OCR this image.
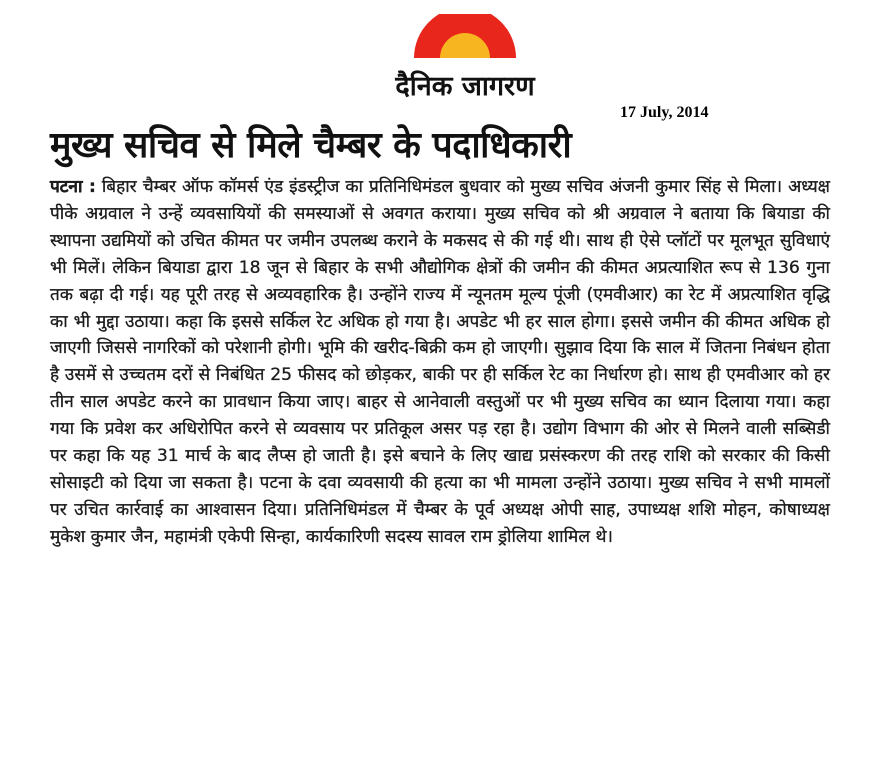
दैनिक जागरण
17 July, 2014
मुख्य सचिव से मिले चैम्बर के पदाधिकारी
पटना : बिहार चैम्बर ऑफ कॉमर्स एंड इंडस्ट्रीज का प्रतिनिधिमंडल बुधवार को मुख्य सचिव अंजनी कुमार सिंह से मिला। अध्यक्ष पीके अग्रवाल ने उन्हें व्यवसायियों की समस्याओं से अवगत कराया। मुख्य सचिव को श्री अग्रवाल ने बताया कि बियाडा की स्थापना उद्यमियों को उचित कीमत पर जमीन उपलब्ध कराने के मकसद से की गई थी। साथ ही ऐसे प्लॉटों पर मूलभूत सुविधाएं भी मिलें। लेकिन बियाडा द्वारा 18 जून से बिहार के सभी औद्योगिक क्षेत्रों की जमीन की कीमत अप्रत्याशित रूप से 136 गुना तक बढ़ा दी गई। यह पूरी तरह से अव्यवहारिक है। उन्होंने राज्य में न्यूनतम मूल्य पूंजी (एमवीआर) का रेट में अप्रत्याशित वृद्धि का भी मुद्दा उठाया। कहा कि इससे सर्किल रेट अधिक हो गया है। अपडेट भी हर साल होगा। इससे जमीन की कीमत अधिक हो जाएगी जिससे नागरिकों को परेशानी होगी। भूमि की खरीद-बिक्री कम हो जाएगी। सुझाव दिया कि साल में जितना निबंधन होता है उसमें से उच्चतम दरों से निबंधित 25 फीसद को छोड़कर, बाकी पर ही सर्किल रेट का निर्धारण हो। साथ ही एमवीआर को हर तीन साल अपडेट करने का प्रावधान किया जाए। बाहर से आनेवाली वस्तुओं पर भी मुख्य सचिव का ध्यान दिलाया गया। कहा गया कि प्रवेश कर अधिरोपित करने से व्यवसाय पर प्रतिकूल असर पड़ रहा है। उद्योग विभाग की ओर से मिलने वाली सब्सिडी पर कहा कि यह 31 मार्च के बाद लैप्स हो जाती है। इसे बचाने के लिए खाद्य प्रसंस्करण की तरह राशि को सरकार की किसी सोसाइटी को दिया जा सकता है। पटना के दवा व्यवसायी की हत्या का भी मामला उन्होंने उठाया। मुख्य सचिव ने सभी मामलों पर उचित कार्रवाई का आश्वासन दिया। प्रतिनिधिमंडल में चैम्बर के पूर्व अध्यक्ष ओपी साह, उपाध्यक्ष शशि मोहन, कोषाध्यक्ष मुकेश कुमार जैन, महामंत्री एकेपी सिन्हा, कार्यकारिणी सदस्य सावल राम ड्रोलिया शामिल थे।
